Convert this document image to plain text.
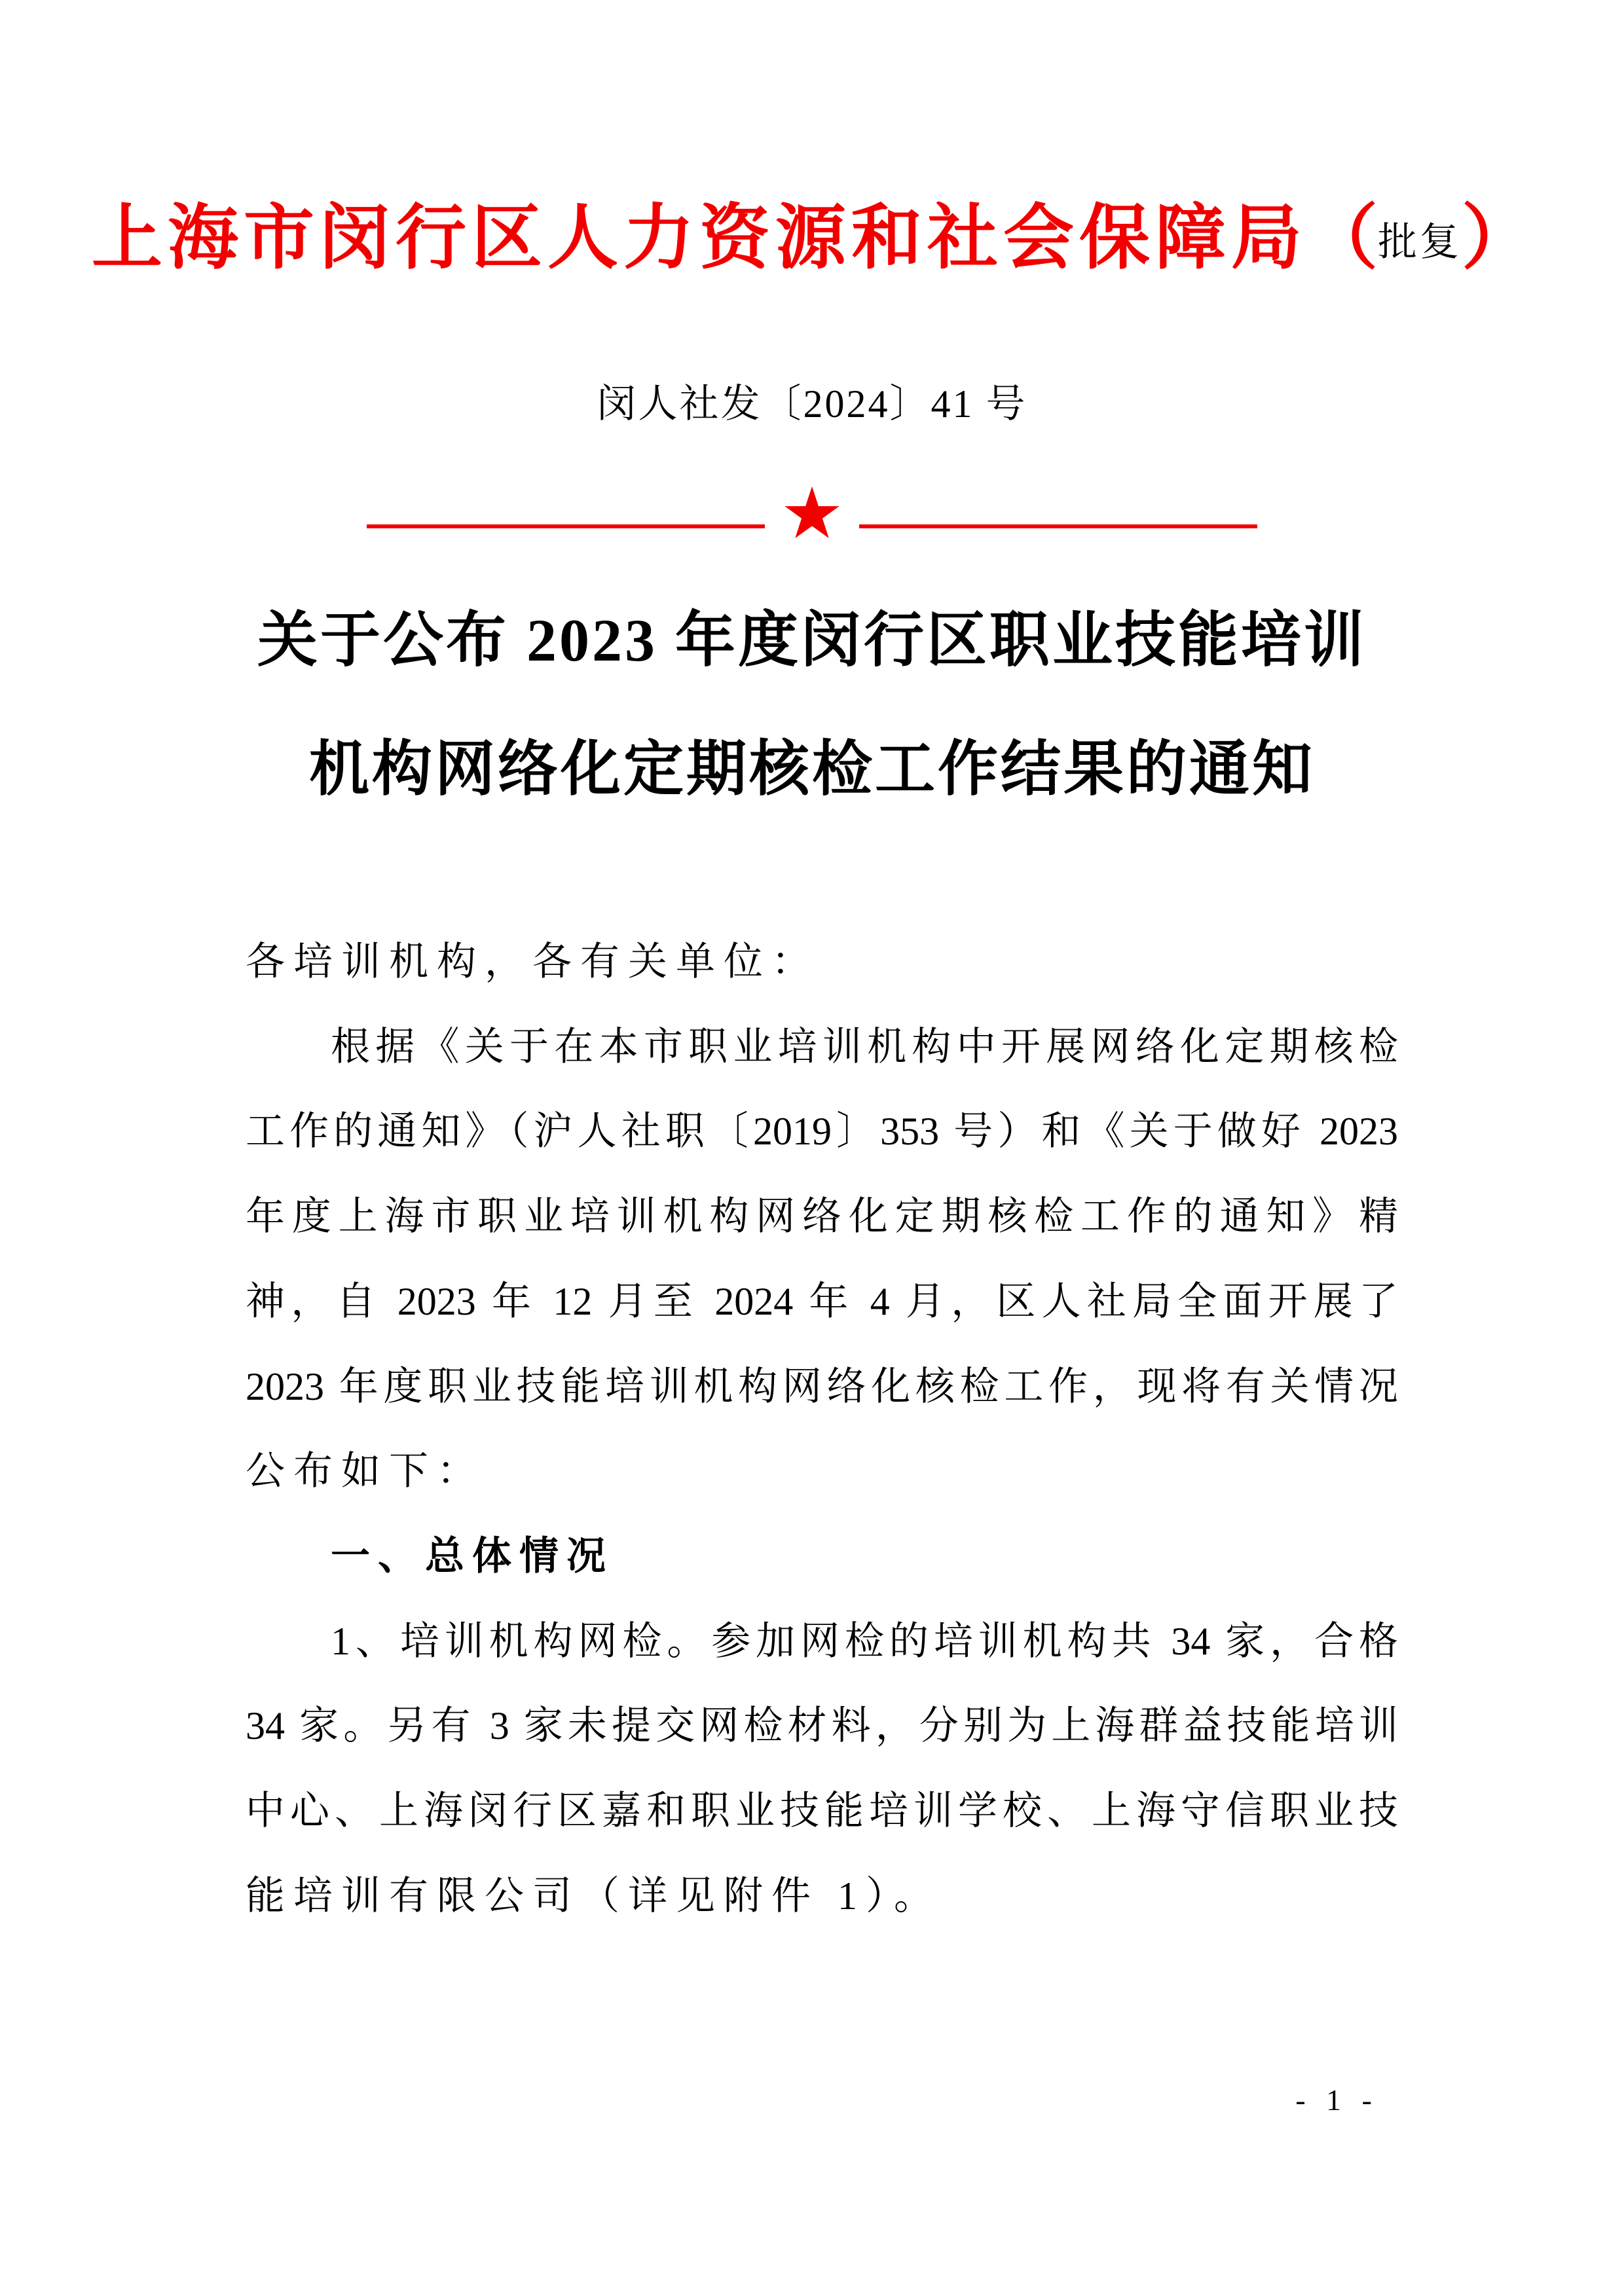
上海市闵行区人力资源和社会保障局（批复）
闵人社发〔2024〕41 号
关于公布 2023 年度闵行区职业技能培训
机构网络化定期核检工作结果的通知
各培训机构，各有关单位：
根据《关于在本市职业培训机构中开展网络化定期核检
工作的通知》（沪人社职〔2019〕353 号）和《关于做好 2023
年度上海市职业培训机构网络化定期核检工作的通知》精
神，自 2023 年 12 月至 2024 年 4 月，区人社局全面开展了
2023 年度职业技能培训机构网络化核检工作，现将有关情况
公布如下：
一、总体情况
1、培训机构网检。参加网检的培训机构共 34 家，合格
34 家。另有 3 家未提交网检材料，分别为上海群益技能培训
中心、上海闵行区嘉和职业技能培训学校、上海守信职业技
能培训有限公司（详见附件 1）。
- 1 -
